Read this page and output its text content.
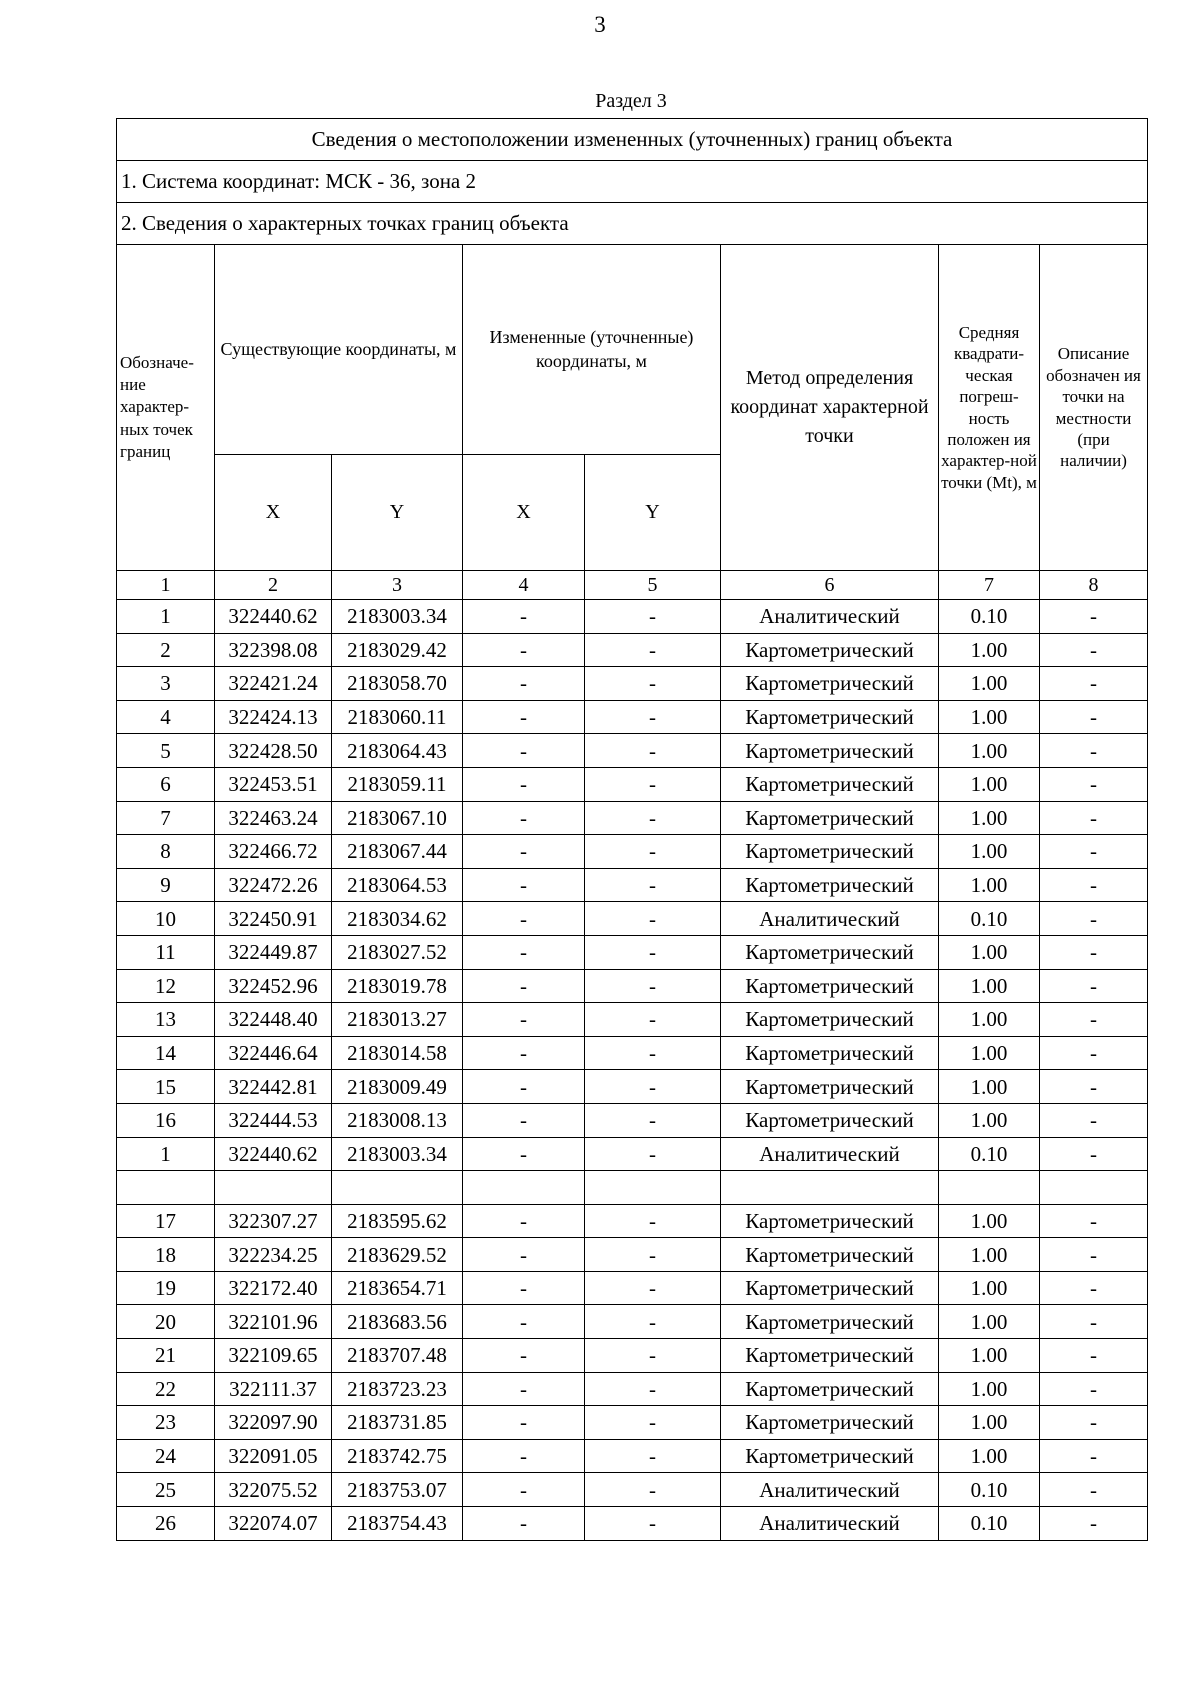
3
Раздел 3
Сведения о местоположении измененных (уточненных) границ объекта							
1. Система координат: МСК - 36, зона 2							
2. Сведения о характерных точках границ объекта							
Обозначе-ние характер-ных точек границ	Существующие координаты, м		Измененные (уточненные) координаты, м		Метод определения координат характерной точки	Средняя квадрати-ческая погреш-ность положен ия характер-ной точки (Mt), м	Описание обозначен ия точки на местности (при наличии)
	X	Y	X	Y			
1	2	3	4	5	6	7	8
1	322440.62	2183003.34	-	-	Аналитический	0.10	-
2	322398.08	2183029.42	-	-	Картометрический	1.00	-
3	322421.24	2183058.70	-	-	Картометрический	1.00	-
4	322424.13	2183060.11	-	-	Картометрический	1.00	-
5	322428.50	2183064.43	-	-	Картометрический	1.00	-
6	322453.51	2183059.11	-	-	Картометрический	1.00	-
7	322463.24	2183067.10	-	-	Картометрический	1.00	-
8	322466.72	2183067.44	-	-	Картометрический	1.00	-
9	322472.26	2183064.53	-	-	Картометрический	1.00	-
10	322450.91	2183034.62	-	-	Аналитический	0.10	-
11	322449.87	2183027.52	-	-	Картометрический	1.00	-
12	322452.96	2183019.78	-	-	Картометрический	1.00	-
13	322448.40	2183013.27	-	-	Картометрический	1.00	-
14	322446.64	2183014.58	-	-	Картометрический	1.00	-
15	322442.81	2183009.49	-	-	Картометрический	1.00	-
16	322444.53	2183008.13	-	-	Картометрический	1.00	-
1	322440.62	2183003.34	-	-	Аналитический	0.10	-

17	322307.27	2183595.62	-	-	Картометрический	1.00	-
18	322234.25	2183629.52	-	-	Картометрический	1.00	-
19	322172.40	2183654.71	-	-	Картометрический	1.00	-
20	322101.96	2183683.56	-	-	Картометрический	1.00	-
21	322109.65	2183707.48	-	-	Картометрический	1.00	-
22	322111.37	2183723.23	-	-	Картометрический	1.00	-
23	322097.90	2183731.85	-	-	Картометрический	1.00	-
24	322091.05	2183742.75	-	-	Картометрический	1.00	-
25	322075.52	2183753.07	-	-	Аналитический	0.10	-
26	322074.07	2183754.43	-	-	Аналитический	0.10	-
